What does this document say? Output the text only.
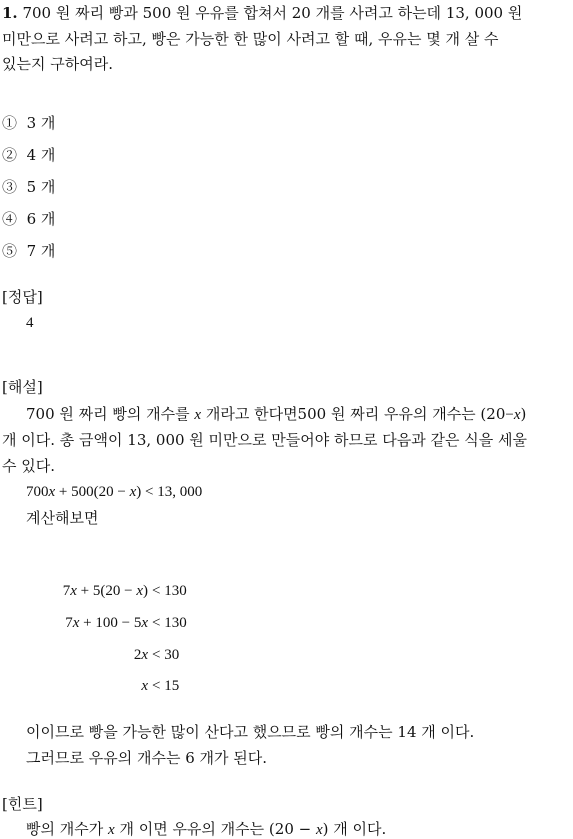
1. 700 원 짜리 빵과 500 원 우유를 합쳐서 20 개를 사려고 하는데 13, 000 원
미만으로 사려고 하고, 빵은 가능한 한 많이 사려고 할 때, 우유는 몇 개 살 수
있는지 구하여라.
① 3 개
② 4 개
③ 5 개
④ 6 개
⑤ 7 개
[정답]
4
[해설]
700 원 짜리 빵의 개수를 x 개라고 한다면500 원 짜리 우유의 개수는 (20−x)
개 이다. 총 금액이 13, 000 원 미만으로 만들어야 하므로 다음과 같은 식을 세울
수 있다.
700x + 500(20 − x) < 13, 000
계산해보면
7x + 5(20 − x) < 130
7x + 100 − 5x < 130
2x < 30
x < 15
이이므로 빵을 가능한 많이 산다고 했으므로 빵의 개수는 14 개 이다.
그러므로 우유의 개수는 6 개가 된다.
[힌트]
빵의 개수가 x 개 이면 우유의 개수는 (20 − x) 개 이다.
